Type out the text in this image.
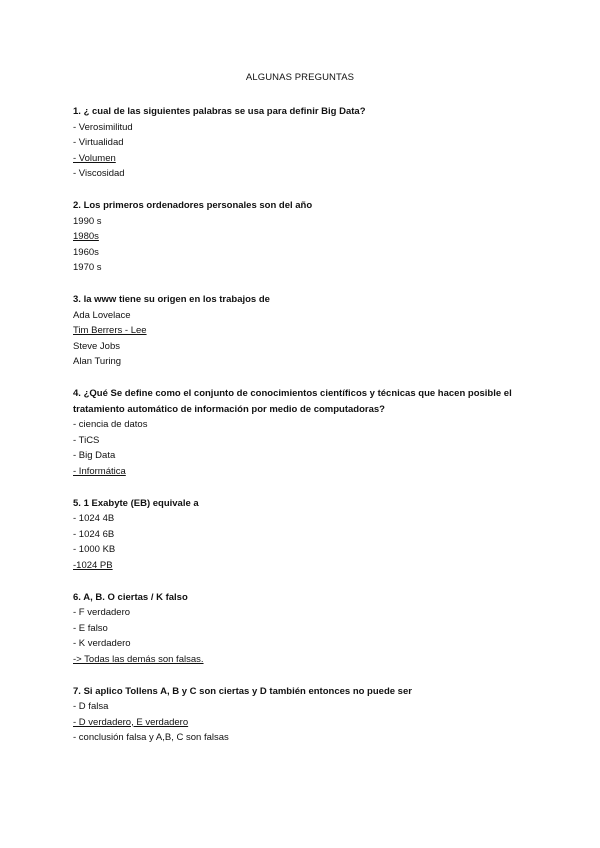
ALGUNAS PREGUNTAS

1. ¿ cual de las siguientes palabras se usa para definir Big Data?

- Verosimilitud
- Virtualidad
- Volumen
- Viscosidad

2. Los primeros ordenadores personales son del año

1990 s
1980s
1960s
1970 s

3. la www tiene su origen en los trabajos de

Ada Lovelace
Tim Berrers - Lee
Steve Jobs
Alan Turing

4. ¿Qué Se define como el conjunto de conocimientos científicos y técnicas que hacen posible el tratamiento automático de información por medio de computadoras?

- ciencia de datos
- TiCS
- Big Data
- Informática

5. 1 Exabyte (EB) equivale a

- 1024 4B
- 1024 6B
- 1000 KB
-1024 PB

6. A, B. O ciertas / K falso

- F verdadero
- E falso
- K verdadero
-> Todas las demás son falsas.

7. Si aplico Tollens A, B y C son ciertas y D también entonces no puede ser

- D falsa
- D verdadero, E verdadero
- conclusión falsa y A,B, C son falsas
